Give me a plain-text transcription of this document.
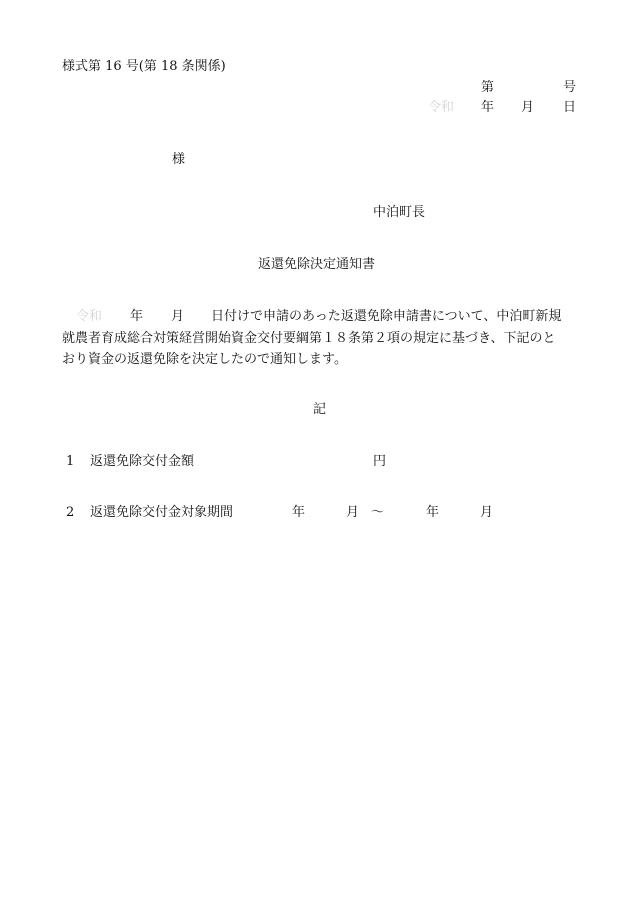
様式第 16 号(第 18 条関係)
第	号
令和 年 月 日
様
中泊町長
返還免除決定通知書
令和 年 月 日付けで申請のあった返還免除申請書について、中泊町新規
就農者育成総合対策経営開始資金交付要綱第１８条第２項の規定に基づき、下記のと
おり資金の返還免除を決定したので通知します。
記
1 返還免除交付金額	円
2 返還免除交付金対象期間	年	月 ～	年	月
